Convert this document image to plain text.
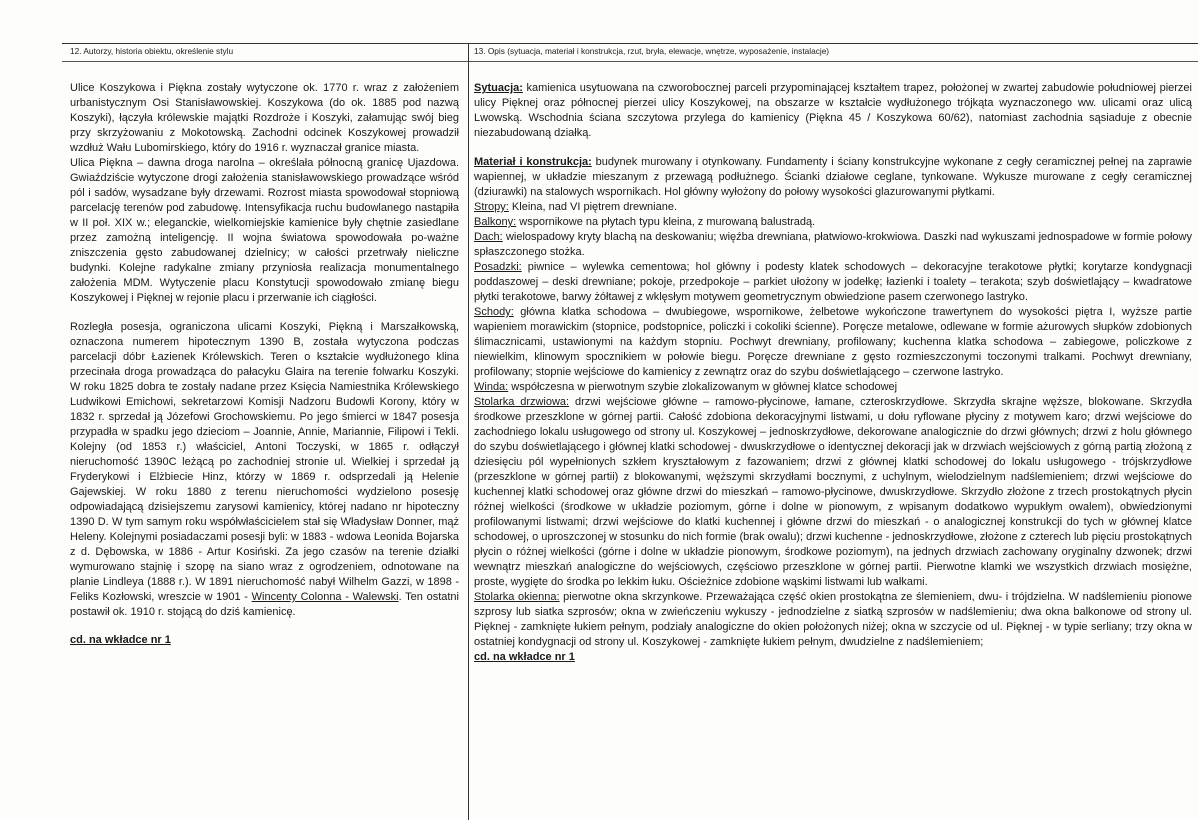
12. Autorzy, historia obiektu, określenie stylu	13. Opis (sytuacja, materiał i konstrukcja, rzut, bryła, elewacje, wnętrze, wyposażenie, instalacje)

Ulice Koszykowa i Piękna zostały wytyczone ok. 1770 r. wraz z założeniem urbanistycznym Osi Stanisławowskiej. Koszykowa (do ok. 1885 pod nazwą Koszyki), łączyła królewskie majątki Rozdroże i Koszyki, załamując swój bieg przy skrzyżowaniu z Mokotowską. Zachodni odcinek Koszykowej prowadził wzdłuż Wału Lubomirskiego, który do 1916 r. wyznaczał granice miasta.

Ulica Piękna – dawna droga narolna – określała północną granicę Ujazdowa. Gwiaździście wytyczone drogi założenia stanisławowskiego prowadzące wśród pól i sadów, wysadzane były drzewami. Rozrost miasta spowodował stopniową parcelację terenów pod zabudowę. Intensyfikacja ruchu budowlanego nastąpiła w II poł. XIX w.; eleganckie, wielkomiejskie kamienice były chętnie zasiedlane przez zamożną inteligencję. II wojna światowa spowodowała po-ważne zniszczenia gęsto zabudowanej dzielnicy; w całości przetrwały nieliczne budynki. Kolejne radykalne zmiany przyniosła realizacja monumentalnego założenia MDM. Wytyczenie placu Konstytucji spowodowało zmianę biegu Koszykowej i Pięknej w rejonie placu i przerwanie ich ciągłości.

Rozległa posesja, ograniczona ulicami Koszyki, Piękną i Marszałkowską, oznaczona numerem hipotecznym 1390 B, została wytyczona podczas parcelacji dóbr Łazienek Królewskich. Teren o kształcie wydłużonego klina przecinała droga prowadząca do pałacyku Glaira na terenie folwarku Koszyki. W roku 1825 dobra te zostały nadane przez Księcia Namiestnika Królewskiego Ludwikowi Emichowi, sekretarzowi Komisji Nadzoru Budowli Korony, który w 1832 r. sprzedał ją Józefowi Grochowskiemu. Po jego śmierci w 1847 posesja przypadła w spadku jego dzieciom – Joannie, Annie, Mariannie, Filipowi i Tekli. Kolejny (od 1853 r.) właściciel, Antoni Toczyski, w 1865 r. odłączył nieruchomość 1390C leżącą po zachodniej stronie ul. Wielkiej i sprzedał ją Fryderykowi i Elżbiecie Hinz, którzy w 1869 r. odsprzedali ją Helenie Gajewskiej. W roku 1880 z terenu nieruchomości wydzielono posesję odpowiadającą dzisiejszemu zarysowi kamienicy, której nadano nr hipoteczny 1390 D. W tym samym roku współwłaścicielem stał się Władysław Donner, mąż Heleny. Kolejnymi posiadaczami posesji byli: w 1883 - wdowa Leonida Bojarska z d. Dębowska, w 1886 - Artur Kosiński. Za jego czasów na terenie działki wymurowano stajnię i szopę na siano wraz z ogrodzeniem, odnotowane na planie Lindleya (1888 r.). W 1891 nieruchomość nabył Wilhelm Gazzi, w 1898 - Feliks Kozłowski, wreszcie w 1901 - Wincenty Colonna - Walewski. Ten ostatni postawił ok. 1910 r. stojącą do dziś kamienicę.

cd. na wkładce nr 1

Sytuacja: kamienica usytuowana na czworobocznej parceli przypominającej kształtem trapez, położonej w zwartej zabudowie południowej pierzei ulicy Pięknej oraz północnej pierzei ulicy Koszykowej, na obszarze w kształcie wydłużonego trójkąta wyznaczonego ww. ulicami oraz ulicą Lwowską. Wschodnia ściana szczytowa przylega do kamienicy (Piękna 45 / Koszykowa 60/62), natomiast zachodnia sąsiaduje z obecnie niezabudowaną działką.

Materiał i konstrukcja: budynek murowany i otynkowany. Fundamenty i ściany konstrukcyjne wykonane z cegły ceramicznej pełnej na zaprawie wapiennej, w układzie mieszanym z przewagą podłużnego. Ścianki działowe ceglane, tynkowane. Wykusze murowane z cegły ceramicznej (dziurawki) na stalowych wspornikach. Hol główny wyłożony do połowy wysokości glazurowanymi płytkami.

Stropy: Kleina, nad VI piętrem drewniane.

Balkony: wspornikowe na płytach typu kleina, z murowaną balustradą.

Dach: wielospadowy kryty blachą na deskowaniu; więźba drewniana, płatwiowo-krokwiowa. Daszki nad wykuszami jednospadowe w formie połowy spłaszczonego stożka.

Posadzki: piwnice – wylewka cementowa; hol główny i podesty klatek schodowych – dekoracyjne terakotowe płytki; korytarze kondygnacji poddaszowej – deski drewniane; pokoje, przedpokoje – parkiet ułożony w jodełkę; łazienki i toalety – terakota; szyb doświetlający – kwadratowe płytki terakotowe, barwy żółtawej z wklęsłym motywem geometrycznym obwiedzione pasem czerwonego lastryko.

Schody: główna klatka schodowa – dwubiegowe, wspornikowe, żelbetowe wykończone trawertynem do wysokości piętra I, wyższe partie wapieniem morawickim (stopnice, podstopnice, policzki i cokoliki ścienne). Poręcze metalowe, odlewane w formie ażurowych słupków zdobionych ślimacznicami, ustawionymi na każdym stopniu. Pochwyt drewniany, profilowany; kuchenna klatka schodowa – zabiegowe, policzkowe z niewielkim, klinowym spocznikiem w połowie biegu. Poręcze drewniane z gęsto rozmieszczonymi toczonymi tralkami. Pochwyt drewniany, profilowany; stopnie wejściowe do kamienicy z zewnątrz oraz do szybu doświetlającego – czerwone lastryko.

Winda: współczesna w pierwotnym szybie zlokalizowanym w głównej klatce schodowej

Stolarka drzwiowa: drzwi wejściowe główne – ramowo-płycinowe, łamane, czteroskrzydłowe. Skrzydła skrajne węższe, blokowane. Skrzydła środkowe przeszklone w górnej partii. Całość zdobiona dekoracyjnymi listwami, u dołu ryflowane płyciny z motywem karo; drzwi wejściowe do zachodniego lokalu usługowego od strony ul. Koszykowej – jednoskrzydłowe, dekorowane analogicznie do drzwi głównych; drzwi z holu głównego do szybu doświetlającego i głównej klatki schodowej - dwuskrzydłowe o identycznej dekoracji jak w drzwiach wejściowych z górną partią złożoną z dziesięciu pól wypełnionych szkłem kryształowym z fazowaniem; drzwi z głównej klatki schodowej do lokalu usługowego - trójskrzydłowe (przeszklone w górnej partii) z blokowanymi, węższymi skrzydłami bocznymi, z uchylnym, wielodzielnym nadślemieniem; drzwi wejściowe do kuchennej klatki schodowej oraz główne drzwi do mieszkań – ramowo-płycinowe, dwuskrzydłowe. Skrzydło złożone z trzech prostokątnych płycin różnej wielkości (środkowe w układzie poziomym, górne i dolne w pionowym, z wpisanym dodatkowo wypukłym owalem), obwiedzionymi profilowanymi listwami; drzwi wejściowe do klatki kuchennej i główne drzwi do mieszkań - o analogicznej konstrukcji do tych w głównej klatce schodowej, o uproszczonej w stosunku do nich formie (brak owalu); drzwi kuchenne - jednoskrzydłowe, złożone z czterech lub pięciu prostokątnych płycin o różnej wielkości (górne i dolne w układzie pionowym, środkowe poziomym), na jednych drzwiach zachowany oryginalny dzwonek; drzwi wewnątrz mieszkań analogiczne do wejściowych, częściowo przeszklone w górnej partii. Pierwotne klamki we wszystkich drzwiach mosiężne, proste, wygięte do środka po lekkim łuku. Ościeżnice zdobione wąskimi listwami lub wałkami.

Stolarka okienna: pierwotne okna skrzynkowe. Przeważająca część okien prostokątna ze ślemieniem, dwu- i trójdzielna. W nadślemieniu pionowe szprosy lub siatka szprosów; okna w zwieńczeniu wykuszy - jednodzielne z siatką szprosów w nadślemieniu; dwa okna balkonowe od strony ul. Pięknej - zamknięte łukiem pełnym, podziały analogiczne do okien położonych niżej; okna w szczycie od ul. Pięknej - w typie serliany; trzy okna w ostatniej kondygnacji od strony ul. Koszykowej - zamknięte łukiem pełnym, dwudzielne z nadślemieniem;

cd. na wkładce nr 1
